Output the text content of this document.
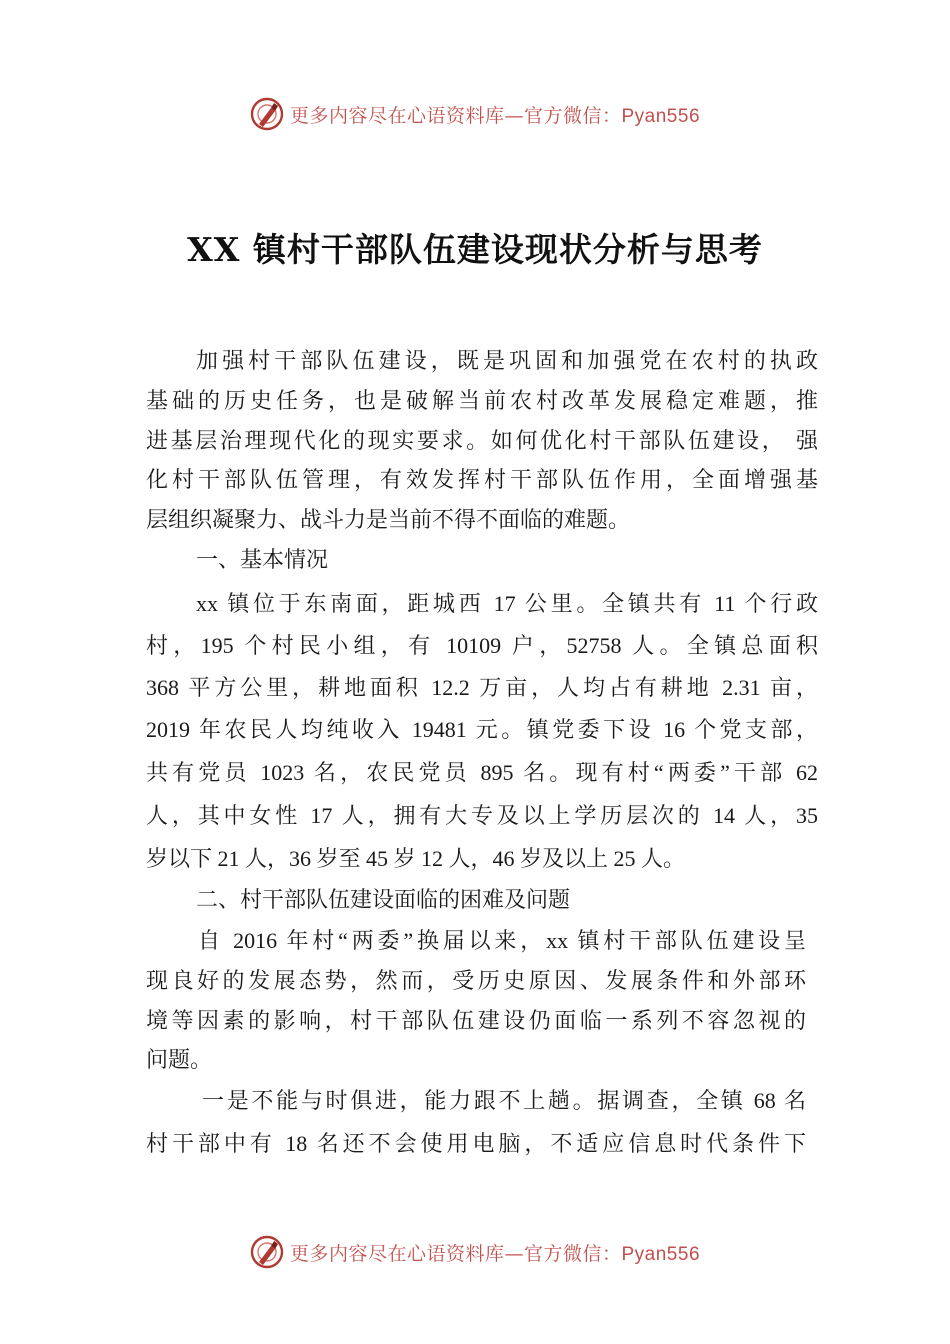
更多内容尽在心语资料库—官方微信：Pyan556
XX 镇村干部队伍建设现状分析与思考

加强村干部队伍建设，既是巩固和加强党在农村的执政

基础的历史任务，也是破解当前农村改革发展稳定难题，推

进基层治理现代化的现实要求。如何优化村干部队伍建设， 强

化村干部队伍管理，有效发挥村干部队伍作用，全面增强基

层组织凝聚力、战斗力是当前不得不面临的难题。

一、基本情况

xx 镇位于东南面，距城西 17 公里。全镇共有 11 个行政

村，195 个村民小组，有 10109 户，52758 人。全镇总面积

368 平方公里，耕地面积 12.2 万亩，人均占有耕地 2.31 亩，

2019 年农民人均纯收入 19481 元。镇党委下设 16 个党支部，

共有党员 1023 名，农民党员 895 名。现有村“两委”干部 62

人，其中女性 17 人，拥有大专及以上学历层次的 14 人，35

岁以下 21 人，36 岁至 45 岁 12 人，46 岁及以上 25 人。

二、村干部队伍建设面临的困难及问题

自 2016 年村“两委”换届以来，xx 镇村干部队伍建设呈

现良好的发展态势，然而，受历史原因、发展条件和外部环

境等因素的影响，村干部队伍建设仍面临一系列不容忽视的

问题。

一是不能与时俱进，能力跟不上趟。据调查，全镇 68 名

村干部中有 18 名还不会使用电脑，不适应信息时代条件下

更多内容尽在心语资料库—官方微信：Pyan556
